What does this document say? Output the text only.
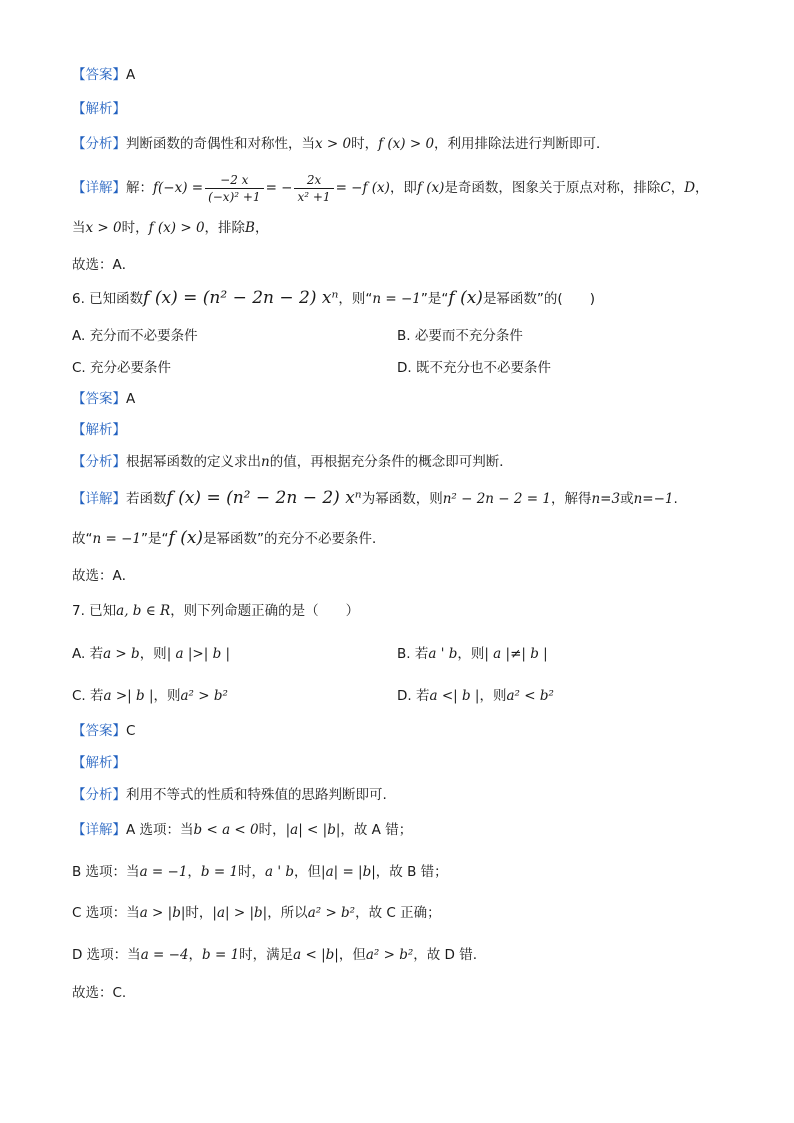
【答案】A
【解析】
【分析】判断函数的奇偶性和对称性，当x > 0时，f (x) > 0，利用排除法进行判断即可．
【详解】解：$f(-x) = \frac{-2 x}{\text{(−x)² +1}}$ = − $\frac{2x}{\text{x² +1}} = -f$ (x)，即f (x)是奇函数，图象关于原点对称，排除C，D，
当x > 0时，f (x) > 0，排除B，
故选：A．
6. 已知函数f (x) = (n² − 2n − 2) xⁿ，则“n = −1”是“f (x)是幂函数”的(　　)
A. 充分而不必要条件	B. 必要而不充分条件
C. 充分必要条件	D. 既不充分也不必要条件
【答案】A
【解析】
【分析】根据幂函数的定义求出n的值，再根据充分条件的概念即可判断．
【详解】若函数f (x) = (n² − 2n − 2) xⁿ为幂函数，则n² − 2n − 2 = 1，解得n=3或n=−1.
故“n = −1”是“f (x)是幂函数”的充分不必要条件．
故选：A．
7. 已知a, b ∈ R，则下列命题正确的是（　　）
A. 若a > b，则| a |>| b |	B. 若a ' b，则| a |≠| b |
C. 若a >| b |，则a² > b²	D. 若a <| b |，则a² < b²
【答案】C
【解析】
【分析】利用不等式的性质和特殊值的思路判断即可.
【详解】A 选项：当b < a < 0时，|a| < |b|，故 A 错；
B 选项：当a = −1，b = 1时，a ' b，但|a| = |b|，故 B 错；
C 选项：当a > |b|时，|a| > |b|，所以a² > b²，故 C 正确；
D 选项：当a = −4，b = 1时，满足a < |b|，但a² > b²，故 D 错.
故选：C.
